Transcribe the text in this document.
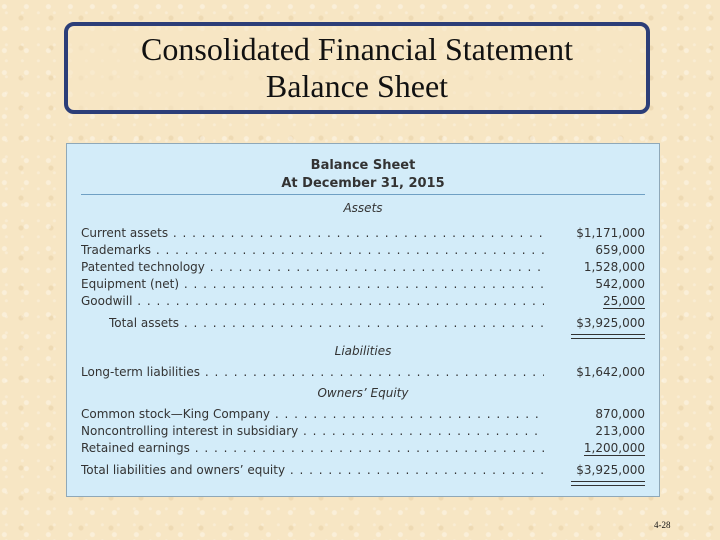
Consolidated Financial Statement
Balance Sheet
Balance Sheet
At December 31, 2015
Assets
Current assets . . .	$1,171,000
Trademarks . . .	659,000
Patented technology . . .	1,528,000
Equipment (net) . . .	542,000
Goodwill . . .	25,000
Total assets . . .	$3,925,000
Liabilities
Long-term liabilities . . .	$1,642,000
Owners’ Equity
Common stock—King Company . . .	870,000
Noncontrolling interest in subsidiary . . .	213,000
Retained earnings . . .	1,200,000
Total liabilities and owners’ equity . . .	$3,925,000
4-28
